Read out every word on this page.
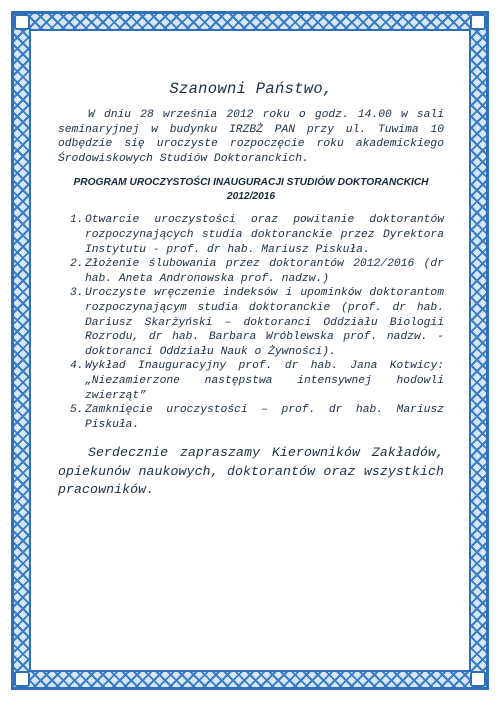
Szanowni Państwo,

W dniu 28 września 2012 roku o godz. 14.00 w sali seminaryjnej w budynku IRZBŻ PAN przy ul. Tuwima 10 odbędzie się uroczyste rozpoczęcie roku akademickiego Środowiskowych Studiów Doktoranckich.

PROGRAM UROCZYSTOŚCI INAUGURACJI STUDIÓW DOKTORANCKICH 2012/2016

1. Otwarcie uroczystości oraz powitanie doktorantów rozpoczynających studia doktoranckie przez Dyrektora Instytutu - prof. dr hab. Mariusz Piskuła.
2. Złożenie ślubowania przez doktorantów 2012/2016 (dr hab. Aneta Andronowska prof. nadzw.)
3. Uroczyste wręczenie indeksów i upominków doktorantom rozpoczynającym studia doktoranckie (prof. dr hab. Dariusz Skarżyński – doktoranci Oddziału Biologii Rozrodu, dr hab. Barbara Wróblewska prof. nadzw. - doktoranci Oddziału Nauk o Żywności).
4. Wykład Inauguracyjny prof. dr hab. Jana Kotwicy: „Niezamierzone następstwa intensywnej hodowli zwierząt”
5. Zamknięcie uroczystości – prof. dr hab. Mariusz Piskuła.

Serdecznie zapraszamy Kierowników Zakładów, opiekunów naukowych, doktorantów oraz wszystkich pracowników.
